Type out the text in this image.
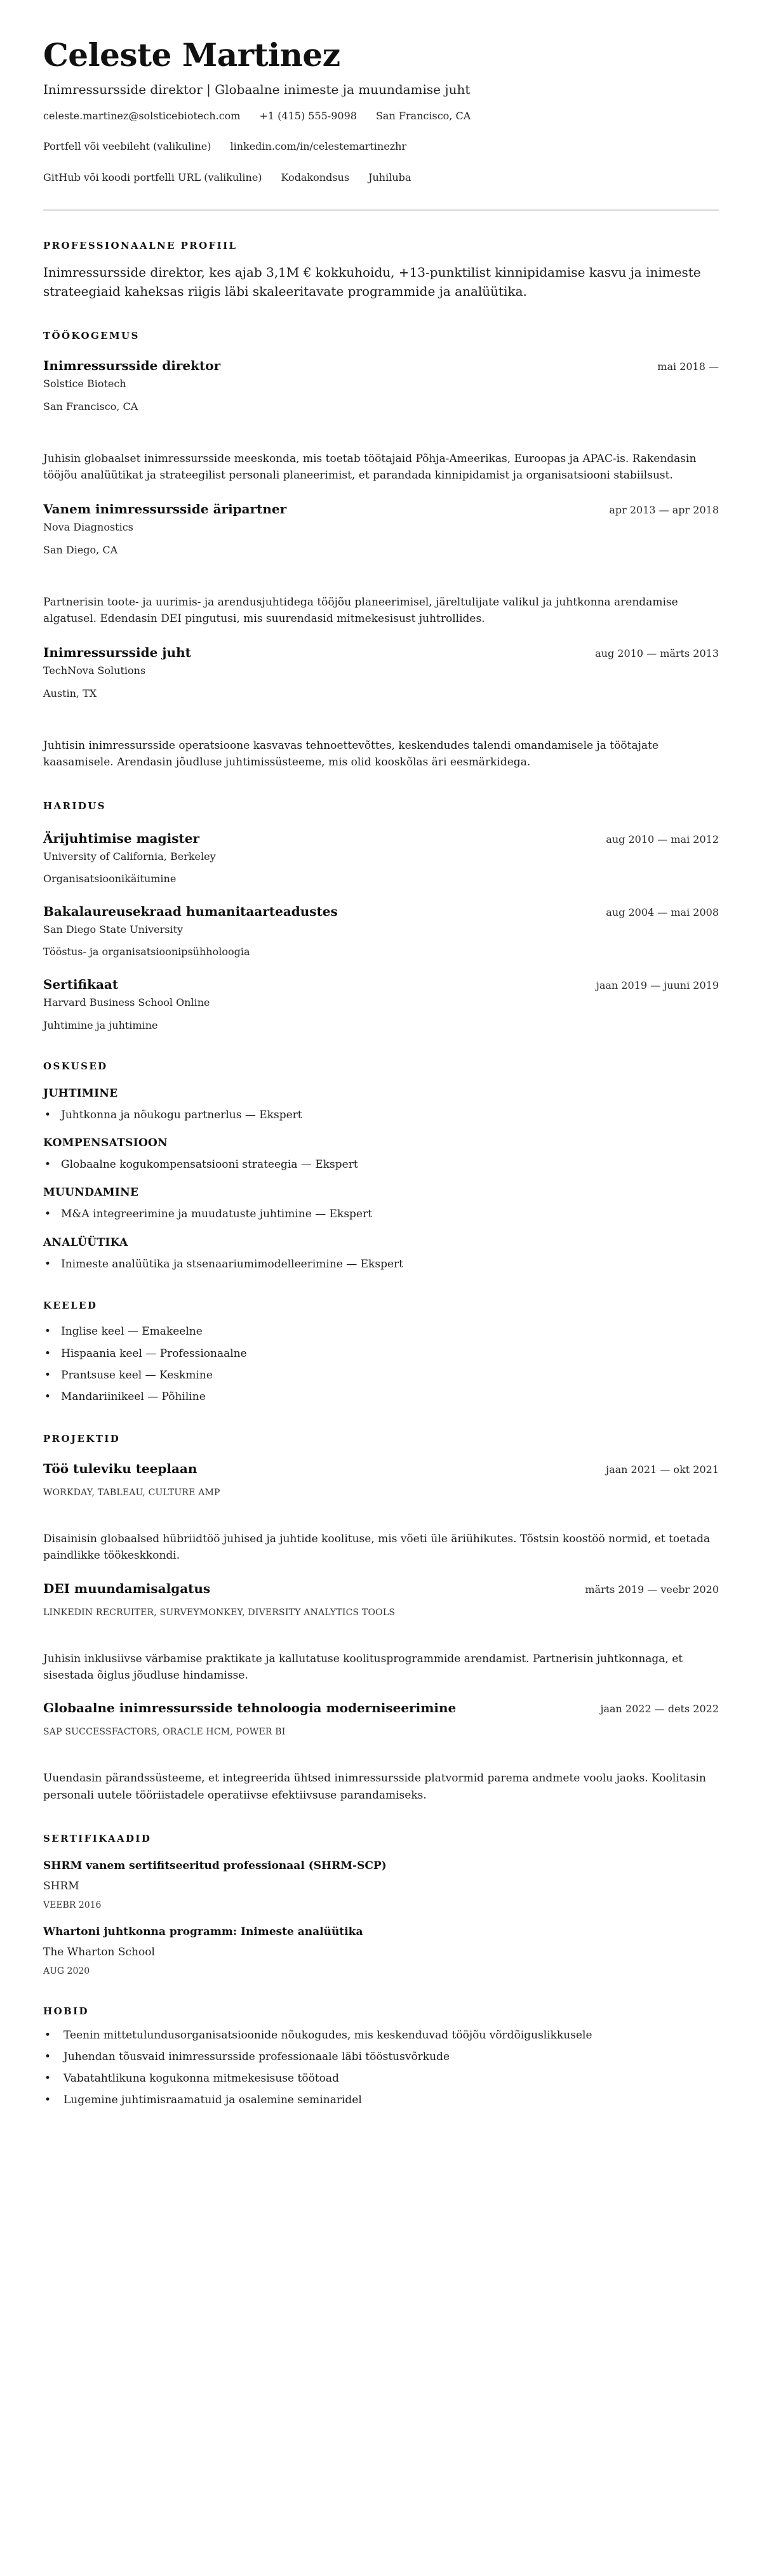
Celeste Martinez
Inimressursside direktor | Globaalne inimeste ja muundamise juht
celeste.martinez@solsticebiotech.com +1 (415) 555-9098 San Francisco, CA
Portfell või veebileht (valikuline) linkedin.com/in/celestemartinezhr
GitHub või koodi portfelli URL (valikuline) Kodakondsus Juhiluba
PROFESSIONAALNE PROFIIL

Inimressursside direktor, kes ajab 3,1M € kokkuhoidu, +13-punktilist kinnipidamise kasvu ja inimeste strateegiaid kaheksas riigis läbi skaleeritavate programmide ja analüütika.

TÖÖKOGEMUS
Inimressursside direktor	mai 2018 —
Solstice Biotech
San Francisco, CA

Juhisin globaalset inimressursside meeskonda, mis toetab töötajaid Põhja-Ameerikas, Euroopas ja APAC-is. Rakendasin tööjõu analüütikat ja strateegilist personali planeerimist, et parandada kinnipidamist ja organisatsiooni stabiilsust.

Vanem inimressursside äripartner	apr 2013 — apr 2018
Nova Diagnostics
San Diego, CA

Partnerisin toote- ja uurimis- ja arendusjuhtidega tööjõu planeerimisel, järeltulijate valikul ja juhtkonna arendamise algatusel. Edendasin DEI pingutusi, mis suurendasid mitmekesisust juhtrollides.

Inimressursside juht	aug 2010 — märts 2013
TechNova Solutions
Austin, TX

Juhtisin inimressursside operatsioone kasvavas tehnoettevõttes, keskendudes talendi omandamisele ja töötajate kaasamisele. Arendasin jõudluse juhtimissüsteeme, mis olid kooskõlas äri eesmärkidega.

HARIDUS
Ärijuhtimise magister	aug 2010 — mai 2012
University of California, Berkeley
Organisatsioonikäitumine
Bakalaureusekraad humanitaarteadustes	aug 2004 — mai 2008
San Diego State University
Tööstus- ja organisatsioonipsühholoogia
Sertifikaat	jaan 2019 — juuni 2019
Harvard Business School Online
Juhtimine ja juhtimine
OSKUSED
JUHTIMINE
• Juhtkonna ja nõukogu partnerlus — Ekspert
KOMPENSATSIOON
• Globaalne kogukompensatsiooni strateegia — Ekspert
MUUNDAMINE
• M&A integreerimine ja muudatuste juhtimine — Ekspert
ANALÜÜTIKA
• Inimeste analüütika ja stsenaariumimodelleerimine — Ekspert
KEELED
• Inglise keel — Emakeelne
• Hispaania keel — Professionaalne
• Prantsuse keel — Keskmine
• Mandariinikeel — Põhiline
PROJEKTID
Töö tuleviku teeplaan	jaan 2021 — okt 2021
WORKDAY, TABLEAU, CULTURE AMP

Disainisin globaalsed hübriidtöö juhised ja juhtide koolituse, mis võeti üle äriühikutes. Tõstsin koostöö normid, et toetada paindlikke töökeskkondi.

DEI muundamisalgatus	märts 2019 — veebr 2020
LINKEDIN RECRUITER, SURVEYMONKEY, DIVERSITY ANALYTICS TOOLS

Juhisin inklusiivse värbamise praktikate ja kallutatuse koolitusprogrammide arendamist. Partnerisin juhtkonnaga, et sisestada õiglus jõudluse hindamisse.

Globaalne inimressursside tehnoloogia moderniseerimine	jaan 2022 — dets 2022
SAP SUCCESSFACTORS, ORACLE HCM, POWER BI

Uuendasin pärandssüsteeme, et integreerida ühtsed inimressursside platvormid parema andmete voolu jaoks. Koolitasin personali uutele tööriistadele operatiivse efektiivsuse parandamiseks.

SERTIFIKAADID
SHRM vanem sertifitseeritud professionaal (SHRM-SCP)
SHRM
VEEBR 2016
Whartoni juhtkonna programm: Inimeste analüütika
The Wharton School
AUG 2020
HOBID
• Teenin mittetulundusorganisatsioonide nõukogudes, mis keskenduvad tööjõu võrdõiguslikkusele
• Juhendan tõusvaid inimressursside professionaale läbi tööstusvõrkude
• Vabatahtlikuna kogukonna mitmekesisuse töötoad
• Lugemine juhtimisraamatuid ja osalemine seminaridel
